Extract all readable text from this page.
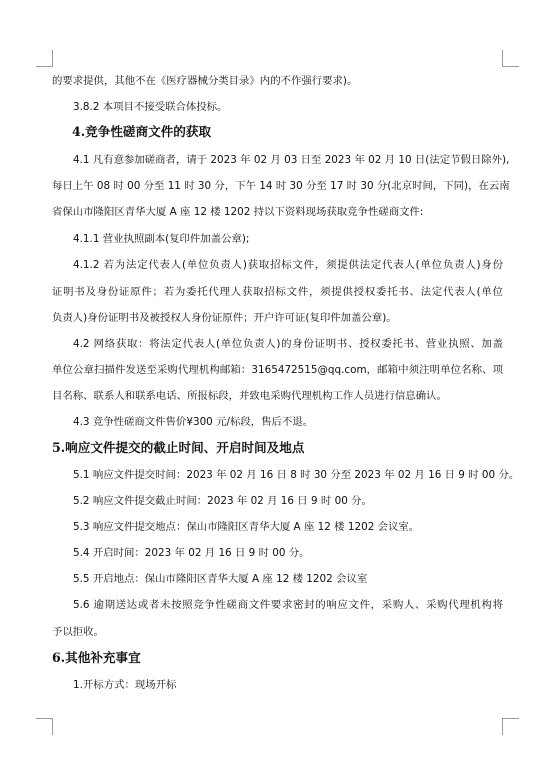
的要求提供，其他不在《医疗器械分类目录》内的不作强行要求)。
3.8.2 本项目不接受联合体投标。
4.竞争性磋商文件的获取
4.1 凡有意参加磋商者，请于 2023 年 02 月 03 日至 2023 年 02 月 10 日(法定节假日除外),
每日上午 08 时 00 分至 11 时 30 分，下午 14 时 30 分至 17 时 30 分(北京时间，下同)，在云南
省保山市隆阳区青华大厦 A 座 12 楼 1202 持以下资料现场获取竞争性磋商文件:
4.1.1 营业执照副本(复印件加盖公章);
4.1.2 若为法定代表人(单位负责人)获取招标文件，须提供法定代表人(单位负责人)身份
证明书及身份证原件；若为委托代理人获取招标文件，须提供授权委托书、法定代表人(单位
负责人)身份证明书及被授权人身份证原件；开户许可证(复印件加盖公章)。
4.2 网络获取：将法定代表人(单位负责人)的身份证明书、授权委托书、营业执照、加盖
单位公章扫描件发送至采购代理机构邮箱：3165472515@qq.com，邮箱中须注明单位名称、项
目名称、联系人和联系电话、所报标段，并致电采购代理机构工作人员进行信息确认。
4.3 竞争性磋商文件售价¥300 元/标段，售后不退。
5.响应文件提交的截止时间、开启时间及地点
5.1 响应文件提交时间：2023 年 02 月 16 日 8 时 30 分至 2023 年 02 月 16 日 9 时 00 分。
5.2 响应文件提交截止时间：2023 年 02 月 16 日 9 时 00 分。
5.3 响应文件提交地点：保山市隆阳区青华大厦 A 座 12 楼 1202 会议室。
5.4 开启时间：2023 年 02 月 16 日 9 时 00 分。
5.5 开启地点：保山市隆阳区青华大厦 A 座 12 楼 1202 会议室
5.6 逾期送达或者未按照竞争性磋商文件要求密封的响应文件，采购人、采购代理机构将
予以拒收。
6.其他补充事宜
1.开标方式：现场开标
